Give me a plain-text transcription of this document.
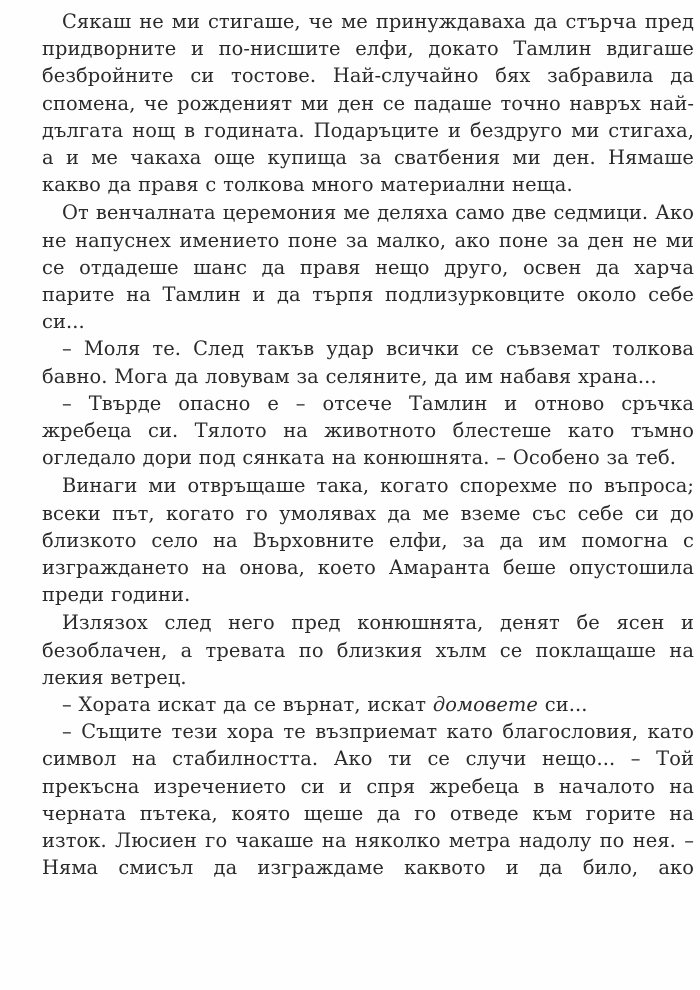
Сякаш не ми стигаше, че ме принуждаваха да стърча пред придворните и по-нисшите елфи, докато Тамлин вдигаше безбройните си тостове. Най-случайно бях забравила да спомена, че рожденият ми ден се падаше точно навръх най-дългата нощ в годината. Подаръците и бездруго ми стигаха, а и ме чакаха още купища за сватбения ми ден. Нямаше какво да правя с толкова много материални неща.

От венчалната церемония ме деляха само две седмици. Ако не напуснех имението поне за малко, ако поне за ден не ми се отдадеше шанс да правя нещо друго, освен да харча парите на Тамлин и да търпя подлизурковците около себе си...

– Моля те. След такъв удар всички се съвземат толкова бавно. Мога да ловувам за селяните, да им набавя храна...

– Твърде опасно е – отсече Тамлин и отново сръчка жребеца си. Тялото на животното блестеше като тъмно огледало дори под сянката на конюшнята. – Особено за теб.

Винаги ми отвръщаше така, когато спорехме по въпроса; всеки път, когато го умолявах да ме вземе със себе си до близкото село на Върховните елфи, за да им помогна с изграждането на онова, което Амаранта беше опустошила преди години.

Излязох след него пред конюшнята, денят бе ясен и безоблачен, а тревата по близкия хълм се поклащаше на лекия ветрец.

– Хората искат да се върнат, искат домовете си...

– Същите тези хора те възприемат като благословия, като символ на стабилността. Ако ти се случи нещо... – Той прекъсна изречението си и спря жребеца в началото на черната пътека, която щеше да го отведе към горите на изток. Люсиен го чакаше на няколко метра надолу по нея. – Няма смисъл да изграждаме каквото и да било, ако
